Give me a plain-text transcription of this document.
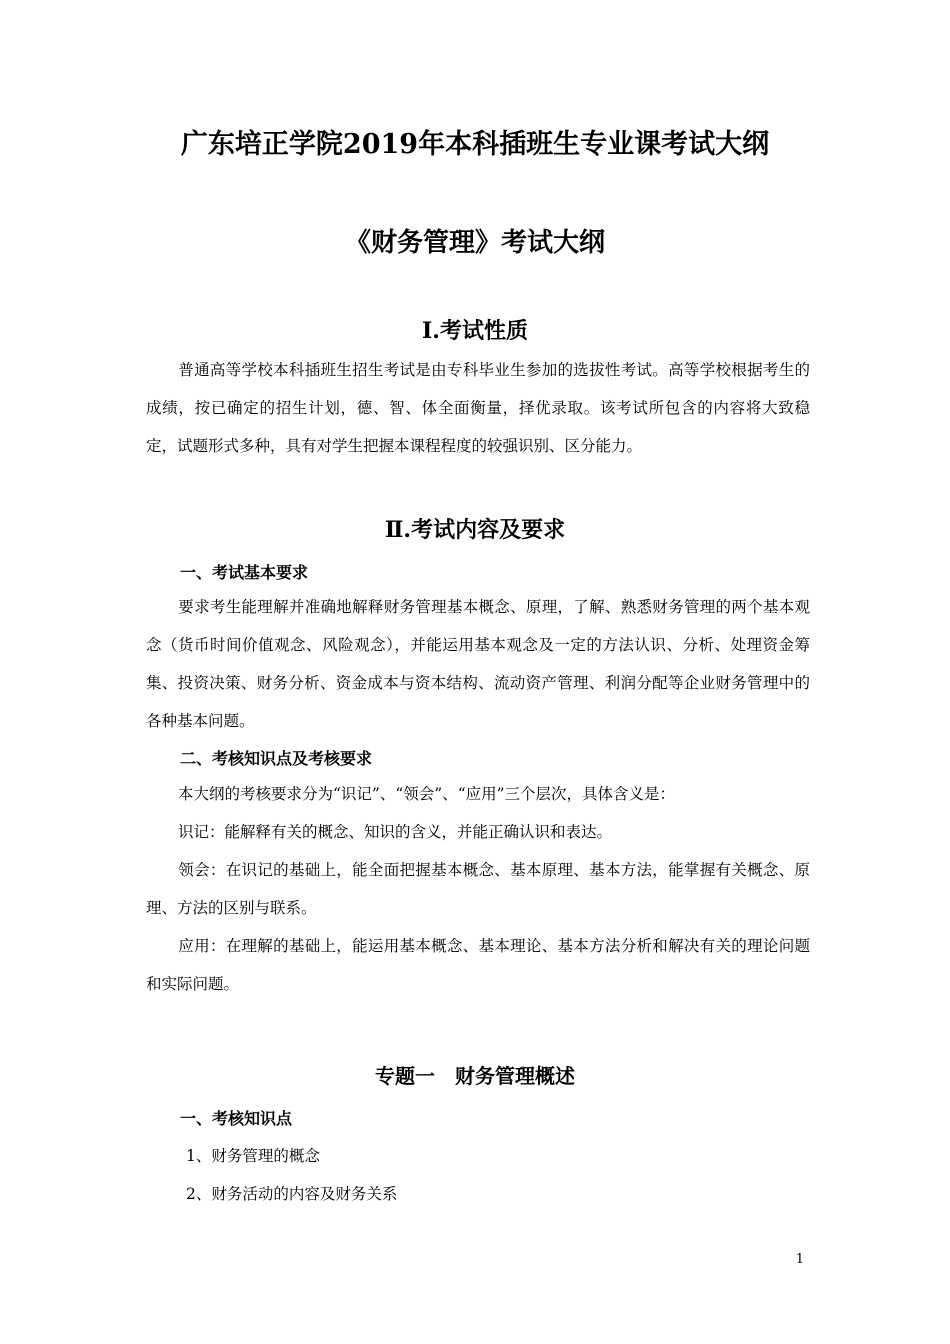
广东培正学院2019年本科插班生专业课考试大纲
《财务管理》考试大纲
Ⅰ.考试性质
普通高等学校本科插班生招生考试是由专科毕业生参加的选拔性考试。高等学校根据考生的成绩，按已确定的招生计划，德、智、体全面衡量，择优录取。该考试所包含的内容将大致稳定，试题形式多种，具有对学生把握本课程程度的较强识别、区分能力。
Ⅱ.考试内容及要求
一、考试基本要求
要求考生能理解并准确地解释财务管理基本概念、原理，了解、熟悉财务管理的两个基本观念（货币时间价值观念、风险观念），并能运用基本观念及一定的方法认识、分析、处理资金筹集、投资决策、财务分析、资金成本与资本结构、流动资产管理、利润分配等企业财务管理中的各种基本问题。
二、考核知识点及考核要求
本大纲的考核要求分为“识记”、“领会”、“应用”三个层次，具体含义是：
识记：能解释有关的概念、知识的含义，并能正确认识和表达。
领会：在识记的基础上，能全面把握基本概念、基本原理、基本方法，能掌握有关概念、原理、方法的区别与联系。
应用：在理解的基础上，能运用基本概念、基本理论、基本方法分析和解决有关的理论问题和实际问题。
专题一　财务管理概述
一、考核知识点
1、财务管理的概念
2、财务活动的内容及财务关系
1
